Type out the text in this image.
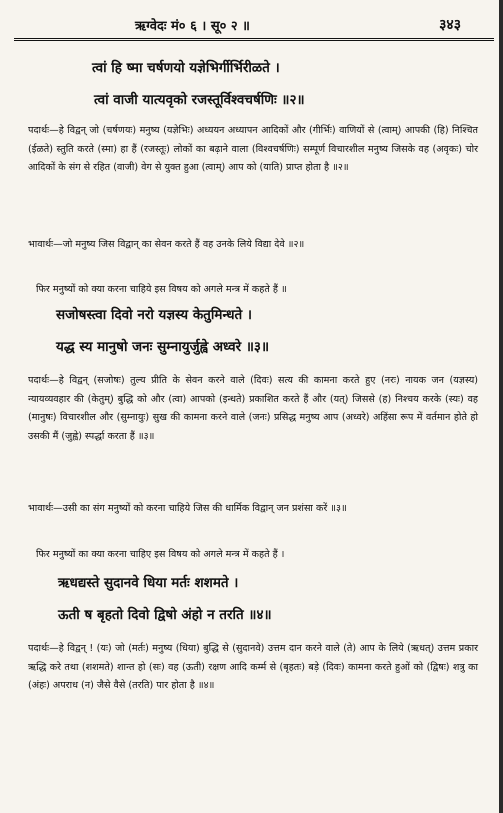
ऋग्वेदः मं० ६ । सू० २ ॥	३४३
त्वां हि ष्मा चर्षणयो यज्ञेभिर्गीर्भिरीळते ।
त्वां वाजी यात्यवृको रजस्तूर्विश्वचर्षणिः ॥२॥
पदार्थः—हे विद्वन् जो (चर्षणयः) मनुष्य (यज्ञेभिः) अध्ययन अध्यापन आदिकों और (गीर्भिः) वाणियों से (त्वाम्) आपकी (हि) निश्चित (ईळते) स्तुति करते (स्मा) हा हैं (रजस्तूः) लोकों का बढ़ाने वाला (विश्वचर्षणिः) सम्पूर्ण विचारशील मनुष्य जिसके वह (अवृकः) चोर आदिकों के संग से रहित (वाजी) वेग से युक्त हुआ (त्वाम्) आप को (याति) प्राप्त होता है ॥२॥
भावार्थः—जो मनुष्य जिस विद्वान् का सेवन करते हैं वह उनके लिये विद्या देवे ॥२॥
फिर मनुष्यों को क्या करना चाहिये इस विषय को अगले मन्त्र में कहते हैं ॥
सजोषस्त्वा दिवो नरो यज्ञस्य केतुमिन्धते ।
यद्ध स्य मानुषो जनः सुम्नायुर्जुह्वे अध्वरे ॥३॥
पदार्थः—हे विद्वन् (सजोषः) तुल्य प्रीति के सेवन करने वाले (दिवः) सत्य की कामना करते हुए (नरः) नायक जन (यज्ञस्य) न्यायव्यवहार की (केतुम्) बुद्धि को और (त्वा) आपको (इन्धते) प्रकाशित करते हैं और (यत्) जिससे (ह) निश्चय करके (स्यः) वह (मानुषः) विचारशील और (सुम्नायुः) सुख की कामना करने वाले (जनः) प्रसिद्ध मनुष्य आप (अध्वरे) अहिंसा रूप में वर्तमान होते हो उसकी मैं (जुह्वे) स्पर्द्धा करता हैं ॥३॥
भावार्थः—उसी का संग मनुष्यों को करना चाहिये जिस की धार्मिक विद्वान् जन प्रशंसा करें ॥३॥
फिर मनुष्यों का क्या करना चाहिए इस विषय को अगले मन्त्र में कहते हैं ।
ऋधद्यस्ते सुदानवे धिया मर्तः शशमते ।
ऊती ष बृहतो दिवो द्विषो अंहो न तरति ॥४॥
पदार्थः—हे विद्वन् ! (यः) जो (मर्तः) मनुष्य (धिया) बुद्धि से (सुदानवे) उत्तम दान करने वाले (ते) आप के लिये (ऋधत्) उत्तम प्रकार ऋद्धि करे तथा (शशमते) शान्त हो (सः) वह (ऊती) रक्षण आदि कर्म्म से (बृहतः) बड़े (दिवः) कामना करते हुओं को (द्विषः) शत्रु का (अंहः) अपराध (न) जैसे वैसे (तरति) पार होता है ॥४॥
